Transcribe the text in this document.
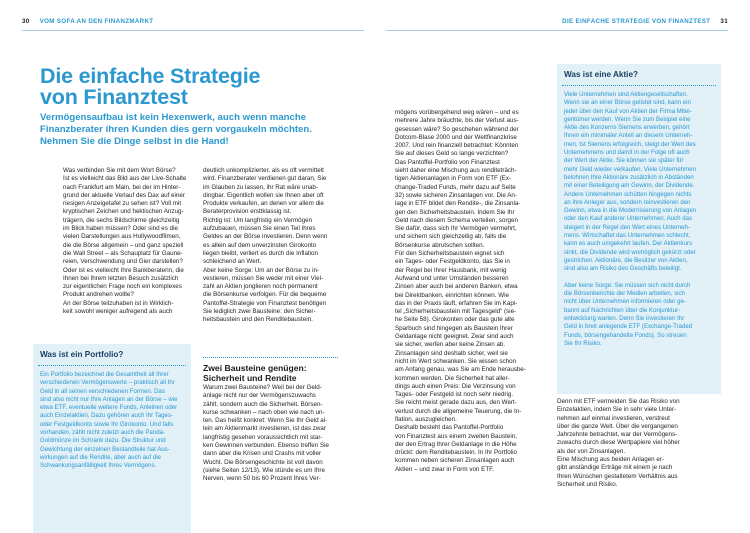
30 VOM SOFA AN DEN FINANZMARKT	DIE EINFACHE STRATEGIE VON FINANZTEST 31
Die einfache Strategie
von Finanztest
Vermögensaufbau ist kein Hexenwerk, auch wenn manche
Finanzberater ihren Kunden dies gern vorgaukeln möchten.
Nehmen Sie die Dinge selbst in die Hand!
Was verbinden Sie mit dem Wort Börse?
Ist es vielleicht das Bild aus der Live-Schalte
nach Frankfurt am Main, bei der im Hinter-
grund der aktuelle Verlauf des Dax auf einer
riesigen Anzeigetafel zu sehen ist? Voll mit
kryptischen Zeichen und hektischen Anzug-
trägern, die sechs Bildschirme gleichzeitig
im Blick haben müssen? Oder sind es die
vielen Darstellungen aus Hollywoodfilmen,
die die Börse allgemein – und ganz speziell
die Wall Street – als Schauplatz für Gaune-
reien, Verschwendung und Gier darstellen?
Oder ist es vielleicht Ihre Bankberaterin, die
Ihnen bei Ihrem letzten Besuch zusätzlich
zur eigentlichen Frage noch ein komplexes
Produkt andrehen wollte?
An der Börse teilzuhaben ist in Wirklich-
keit sowohl weniger aufregend als auch
deutlich unkomplizierter, als es oft vermittelt
wird. Finanzberater verdienen gut daran, Sie
im Glauben zu lassen, ihr Rat wäre unab-
dingbar. Eigentlich wollen sie Ihnen aber oft
Produkte verkaufen, an denen vor allem die
Beraterprovision ersttklassig ist.
Richtig ist: Um langfristig ein Vermögen
aufzubauen, müssen Sie einen Teil Ihres
Geldes an der Börse investieren. Denn wenn
es allein auf dem unverzinsten Girokonto
liegen bleibt, verliert es durch die Inflation
schleichend an Wert.
Aber keine Sorge: Um an der Börse zu in-
vestieren, müssen Sie weder mit einer Viel-
zahl an Aktien jonglieren noch permanent
die Börsenkurse verfolgen. Für die bequeme
Pantoffel-Strategie von Finanztest benötigen
Sie lediglich zwei Bausteine: den Sicher-
heitsbaustein und den Renditebaustein.
Zwei Bausteine genügen:
Sicherheit und Rendite
Warum zwei Bausteine? Weil bei der Geld-
anlage nicht nur der Vermögenszuwachs
zählt, sondern auch die Sicherheit. Börsen-
kurse schwanken – nach oben wie nach un-
ten. Das heißt konkret: Wenn Sie Ihr Geld al-
lein am Aktienmarkt investieren, ist das zwar
langfristig gesehen voraussichtlich mit star-
ken Gewinnen verbunden. Ebenso treffen Sie
dann aber die Krisen und Crashs mit voller
Wucht. Die Börsengeschichte ist voll davon
(siehe Seiten 12/13). Wie stünde es um Ihre
Nerven, wenn 50 bis 60 Prozent Ihres Ver-
mögens vorübergehend weg wären – und es
mehrere Jahre bräuchte, bis der Verlust aus-
gesessen wäre? So geschehen während der
Dotcom-Blase 2000 und der Weltfinanzkrise
2007. Und rein finanziell betrachtet: Könnten
Sie auf dieses Geld so lange verzichten?
Das Pantoffel-Portfolio von Finanztest
sieht daher eine Mischung aus renditeträch-
tigen Aktienanlagen in Form von ETF (Ex-
change-Traded Funds, mehr dazu auf Seite
32) sowie sicheren Zinsanlagen vor. Die An-
lage in ETF bildet den Rendite-, die Zinsanla-
gen den Sicherheitsbaustein. Indem Sie Ihr
Geld nach diesem Schema verteilen, sorgen
Sie dafür, dass sich Ihr Vermögen vermehrt,
und sichern sich gleichzeitig ab, falls die
Börsenkurse abrutschen sollten.
Für den Sicherheitsbaustein eignet sich
ein Tages- oder Festgeldkonto, das Sie in
der Regel bei Ihrer Hausbank, mit wenig
Aufwand und unter Umständen besseren
Zinsen aber auch bei anderen Banken, etwa
bei Direktbanken, einrichten können. Wie
das in der Praxis läuft, erfahren Sie im Kapi-
tel „Sicherheitsbaustein mit Tagesgeld“ (sie-
he Seite 58). Girokonten oder das gute alte
Sparbuch sind hingegen als Baustein Ihrer
Geldanlage nicht geeignet. Zwar sind auch
sie sicher, werfen aber keine Zinsen ab.
Zinsanlagen sind deshalb sicher, weil sie
nicht im Wert schwanken. Sie wissen schon
am Anfang genau, was Sie am Ende herausbe-
kommen werden. Die Sicherheit hat aller-
dings auch einen Preis: Die Verzinsung von
Tages- oder Festgeld ist noch sehr niedrig.
Sie reicht meist gerade dazu aus, den Wert-
verlust durch die allgemeine Teuerung, die In-
flation, auszugleichen.
Deshalb besteht das Pantoffel-Portfolio
von Finanztest aus einem zweiten Baustein,
der den Ertrag Ihrer Geldanlage in die Höhe
drückt: dem Renditebaustein. In Ihr Portfolio
kommen neben sicheren Zinsanlagen auch
Aktien – und zwar in Form von ETF.
Was ist ein Portfolio?
Ein Portfolio bezeichnet die Gesamtheit all Ihrer
verschiedenen Vermögenswerte – praktisch all Ihr
Geld in all seinen verschiedenen Formen. Das
sind also nicht nur Ihre Anlagen an der Börse – wie
etwa ETF, eventuelle weitere Fonds, Anleihen oder
auch Einzelaktien. Dazu gehören auch Ihr Tages-
oder Festgeldkonto sowie Ihr Girokonto. Und falls
vorhanden, zählt nicht zuletzt auch die Panda-
Goldmünze im Schrank dazu. Die Struktur und
Gewichtung der einzelnen Bestandteile hat Aus-
wirkungen auf die Rendite, aber auch auf die
Schwankungsanfälligkeit Ihres Vermögens.
Was ist eine Aktie?
Viele Unternehmen sind Aktiengesellschaften.
Wenn sie an einer Börse gelistet sind, kann ein
jeder über den Kauf von Aktien der Firma Mitei-
gentümer werden. Wenn Sie zum Beispiel eine
Aktie des Konzerns Siemens erwerben, gehört
Ihnen ein minimaler Anteil an diesem Unterneh-
men. Ist Siemens erfolgreich, steigt der Wert des
Unternehmens und damit in der Folge oft auch
der Wert der Aktie. Sie können sie später für
mehr Geld wieder verkaufen. Viele Unternehmen
belohnen Ihre Aktionäre zusätzlich in Abständen
mit einer Beteiligung am Gewinn, der Dividende.
Andere Unternehmen schütten hingegen nichts
an ihre Anleger aus, sondern reinvestieren den
Gewinn, etwa in die Modernisierung von Anlagen
oder den Kauf anderer Unternehmen. Auch das
steigert in der Regel den Wert eines Unterneh-
mens. Wirtschaftet das Unternehmen schlecht,
kann es auch umgekehrt laufen. Der Aktienkurs
sinkt, die Dividende wird womöglich gekürzt oder
gestrichen. Aktionäre, die Besitzer von Aktien,
sind also am Risiko des Geschäfts beteiligt.

Aber keine Sorge: Sie müssen sich nicht durch
die Börsenberichte der Medien arbeiten, sich
nicht über Unternehmen informieren oder ge-
bannt auf Nachrichten über die Konjunktur-
entwicklung warten. Denn Sie investieren Ihr
Geld in breit anlegende ETF (Exchange-Traded
Funds, börsengehandelte Fonds). So streuen
Sie Ihr Risiko.
Denn mit ETF vermeiden Sie das Risiko von
Einzelaktien, indem Sie in sehr viele Unter-
nehmen auf einmal investieren, verstreut
über die ganze Welt. Über die vergangenen
Jahrzehnte betrachtet, war der Vermögens-
zuwachs durch diese Wertpapiere viel höher
als der von Zinsanlagen.
Eine Mischung aus beiden Anlagen er-
gibt anständige Erträge mit einem je nach
Ihren Wünschen gestaltetem Verhältnis aus
Sicherheit und Risiko.
